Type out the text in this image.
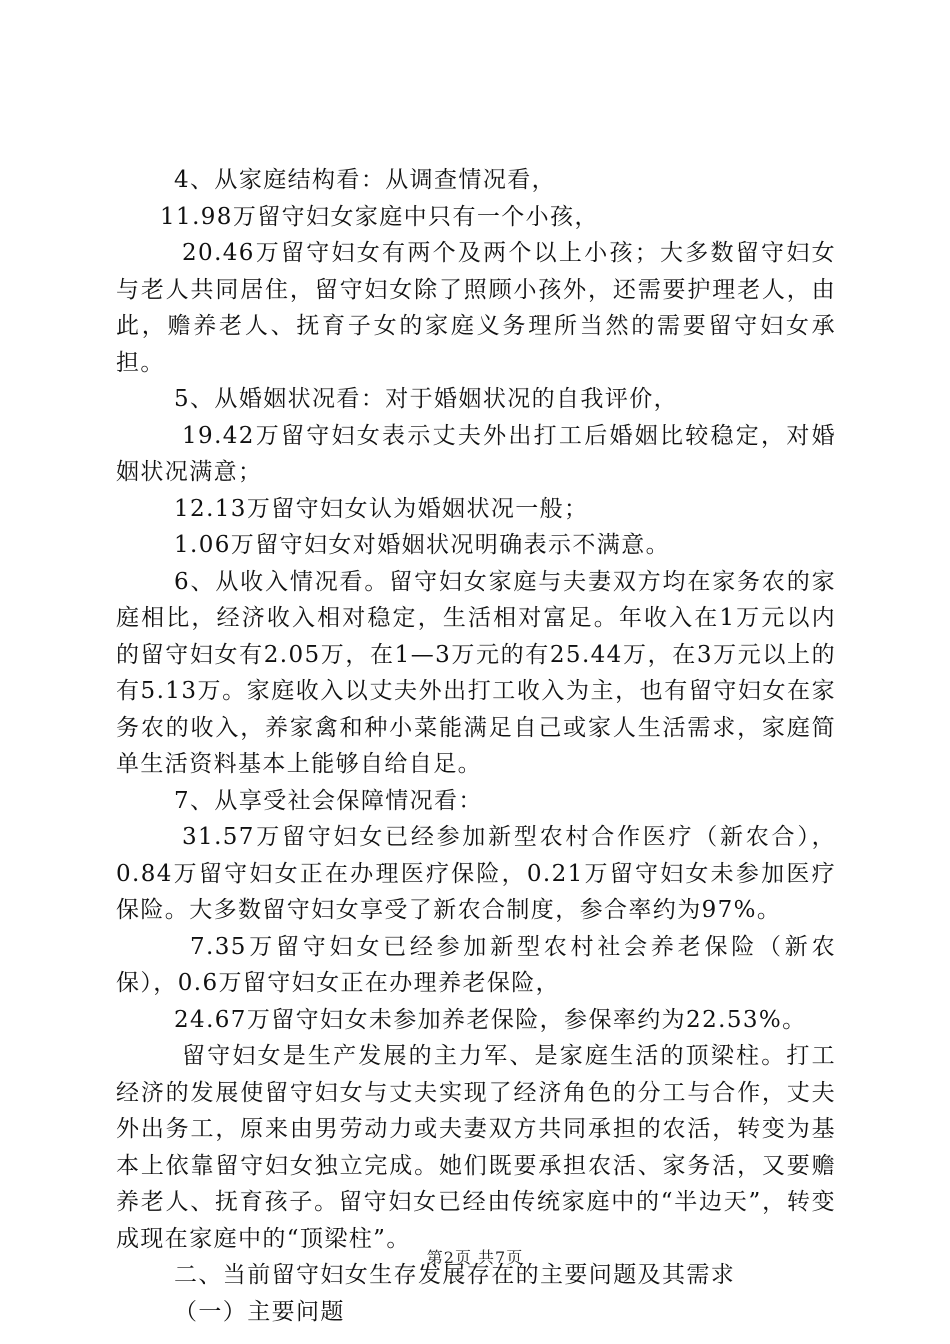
4、从家庭结构看：从调查情况看，

11.98万留守妇女家庭中只有一个小孩，

20.46万留守妇女有两个及两个以上小孩；大多数留守妇女与老人共同居住，留守妇女除了照顾小孩外，还需要护理老人，由此，赡养老人、抚育子女的家庭义务理所当然的需要留守妇女承担。

5、从婚姻状况看：对于婚姻状况的自我评价，

19.42万留守妇女表示丈夫外出打工后婚姻比较稳定，对婚姻状况满意；

12.13万留守妇女认为婚姻状况一般；

1.06万留守妇女对婚姻状况明确表示不满意。

6、从收入情况看。留守妇女家庭与夫妻双方均在家务农的家庭相比，经济收入相对稳定，生活相对富足。年收入在1万元以内的留守妇女有2.05万，在1—3万元的有25.44万，在3万元以上的有5.13万。家庭收入以丈夫外出打工收入为主，也有留守妇女在家务农的收入，养家禽和种小菜能满足自己或家人生活需求，家庭简单生活资料基本上能够自给自足。

7、从享受社会保障情况看：

31.57万留守妇女已经参加新型农村合作医疗（新农合），0.84万留守妇女正在办理医疗保险，0.21万留守妇女未参加医疗保险。大多数留守妇女享受了新农合制度，参合率约为97%。

7.35万留守妇女已经参加新型农村社会养老保险（新农保），0.6万留守妇女正在办理养老保险，

24.67万留守妇女未参加养老保险，参保率约为22.53%。

留守妇女是生产发展的主力军、是家庭生活的顶梁柱。打工经济的发展使留守妇女与丈夫实现了经济角色的分工与合作，丈夫外出务工，原来由男劳动力或夫妻双方共同承担的农活，转变为基本上依靠留守妇女独立完成。她们既要承担农活、家务活，又要赡养老人、抚育孩子。留守妇女已经由传统家庭中的“半边天”，转变成现在家庭中的“顶梁柱”。

二、当前留守妇女生存发展存在的主要问题及其需求

（一）主要问题

第2页 共7页
